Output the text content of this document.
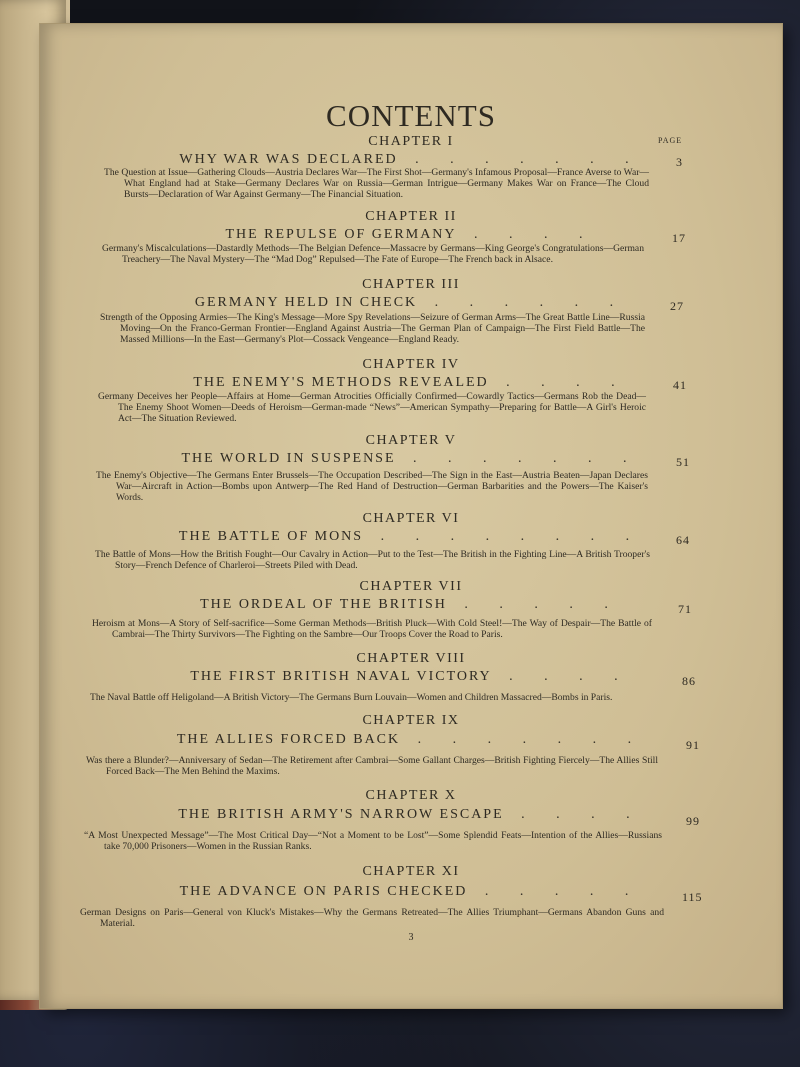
CONTENTS
PAGE
CHAPTER I
WHY WAR WAS DECLARED . . . . . . .	3
The Question at Issue—Gathering Clouds—Austria Declares War—The First Shot—Germany's Infamous Proposal—France Averse to War—What England had at Stake—Germany Declares War on Russia—German Intrigue—Germany Makes War on France—The Cloud Bursts—Declaration of War Against Germany—The Financial Situation.
CHAPTER II
THE REPULSE OF GERMANY . . . .	17
Germany's Miscalculations—Dastardly Methods—The Belgian Defence—Massacre by Germans—King George's Congratulations—German Treachery—The Naval Mystery—The “Mad Dog” Repulsed—The Fate of Europe—The French back in Alsace.
CHAPTER III
GERMANY HELD IN CHECK . . . . . .	27
Strength of the Opposing Armies—The King's Message—More Spy Revelations—Seizure of German Arms—The Great Battle Line—Russia Moving—On the Franco-German Frontier—England Against Austria—The German Plan of Campaign—The First Field Battle—The Massed Millions—In the East—Germany's Plot—Cossack Vengeance—England Ready.
CHAPTER IV
THE ENEMY'S METHODS REVEALED . . . .	41
Germany Deceives her People—Affairs at Home—German Atrocities Officially Confirmed—Cowardly Tactics—Germans Rob the Dead—The Enemy Shoot Women—Deeds of Heroism—German-made “News”—American Sympathy—Preparing for Battle—A Girl's Heroic Act—The Situation Reviewed.
CHAPTER V
THE WORLD IN SUSPENSE . . . . . . .	51
The Enemy's Objective—The Germans Enter Brussels—The Occupation Described—The Sign in the East—Austria Beaten—Japan Declares War—Aircraft in Action—Bombs upon Antwerp—The Red Hand of Destruction—German Barbarities and the Powers—The Kaiser's Words.
CHAPTER VI
THE BATTLE OF MONS . . . . . . . .	64
The Battle of Mons—How the British Fought—Our Cavalry in Action—Put to the Test—The British in the Fighting Line—A British Trooper's Story—French Defence of Charleroi—Streets Piled with Dead.
CHAPTER VII
THE ORDEAL OF THE BRITISH . . . . .	71
Heroism at Mons—A Story of Self-sacrifice—Some German Methods—British Pluck—With Cold Steel!—The Way of Despair—The Battle of Cambrai—The Thirty Survivors—The Fighting on the Sambre—Our Troops Cover the Road to Paris.
CHAPTER VIII
THE FIRST BRITISH NAVAL VICTORY . . . .	86
The Naval Battle off Heligoland—A British Victory—The Germans Burn Louvain—Women and Children Massacred—Bombs in Paris.
CHAPTER IX
THE ALLIES FORCED BACK . . . . . . .	91
Was there a Blunder?—Anniversary of Sedan—The Retirement after Cambrai—Some Gallant Charges—British Fighting Fiercely—The Allies Still Forced Back—The Men Behind the Maxims.
CHAPTER X
THE BRITISH ARMY'S NARROW ESCAPE . . . .	99
“A Most Unexpected Message”—The Most Critical Day—“Not a Moment to be Lost”—Some Splendid Feats—Intention of the Allies—Russians take 70,000 Prisoners—Women in the Russian Ranks.
CHAPTER XI
THE ADVANCE ON PARIS CHECKED . . . . .	115
German Designs on Paris—General von Kluck's Mistakes—Why the Germans Retreated—The Allies Triumphant—Germans Abandon Guns and Material.
3
